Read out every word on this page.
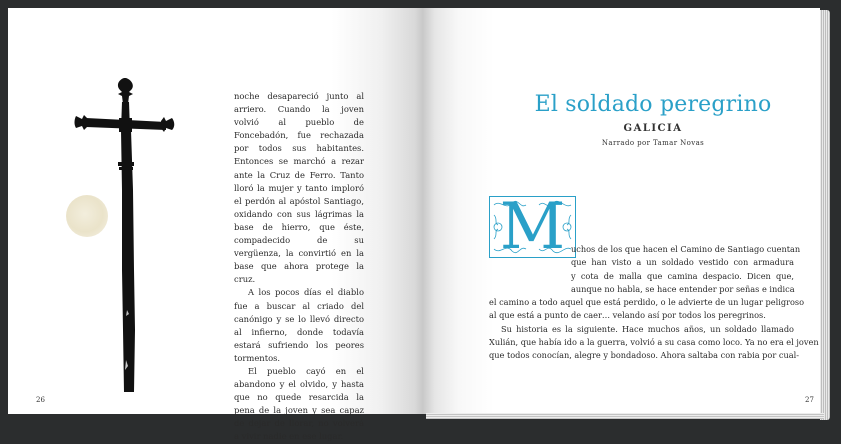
noche desapareció junto al arriero. Cuando la joven volvió al pueblo de Foncebadón, fue rechazada por todos sus habitantes. Entonces se marchó a rezar ante la Cruz de Ferro. Tanto lloró la mujer y tanto imploró el perdón al apóstol Santiago, oxidando con sus lágrimas la base de hierro, que éste, compadecido de su vergüenza, la convirtió en la base que ahora protege la cruz.

A los pocos días el diablo fue a buscar al criado del canónigo y se lo llevó directo al infierno, donde todavía estará sufriendo los peores tormentos.

El pueblo cayó en el abandono y el olvido, y hasta que no quede resarcida la pena de la joven y sea capaz de dejar de llorar, no volverá a vivir nadie en ese lugar.

26
El soldado peregrino
GALICIA
Narrado por Tamar Novas
M uchos de los que hacen el Camino de Santiago cuentan
que han visto a un soldado vestido con armadura
y cota de malla que camina despacio. Dicen que,
aunque no habla, se hace entender por señas e indica
el camino a todo aquel que está perdido, o le advierte de un lugar peligroso
al que está a punto de caer… velando así por todos los peregrinos.
Su historia es la siguiente. Hace muchos años, un soldado llamado
Xulián, que había ido a la guerra, volvió a su casa como loco. Ya no era el joven
que todos conocían, alegre y bondadoso. Ahora saltaba con rabia por cual-
27
